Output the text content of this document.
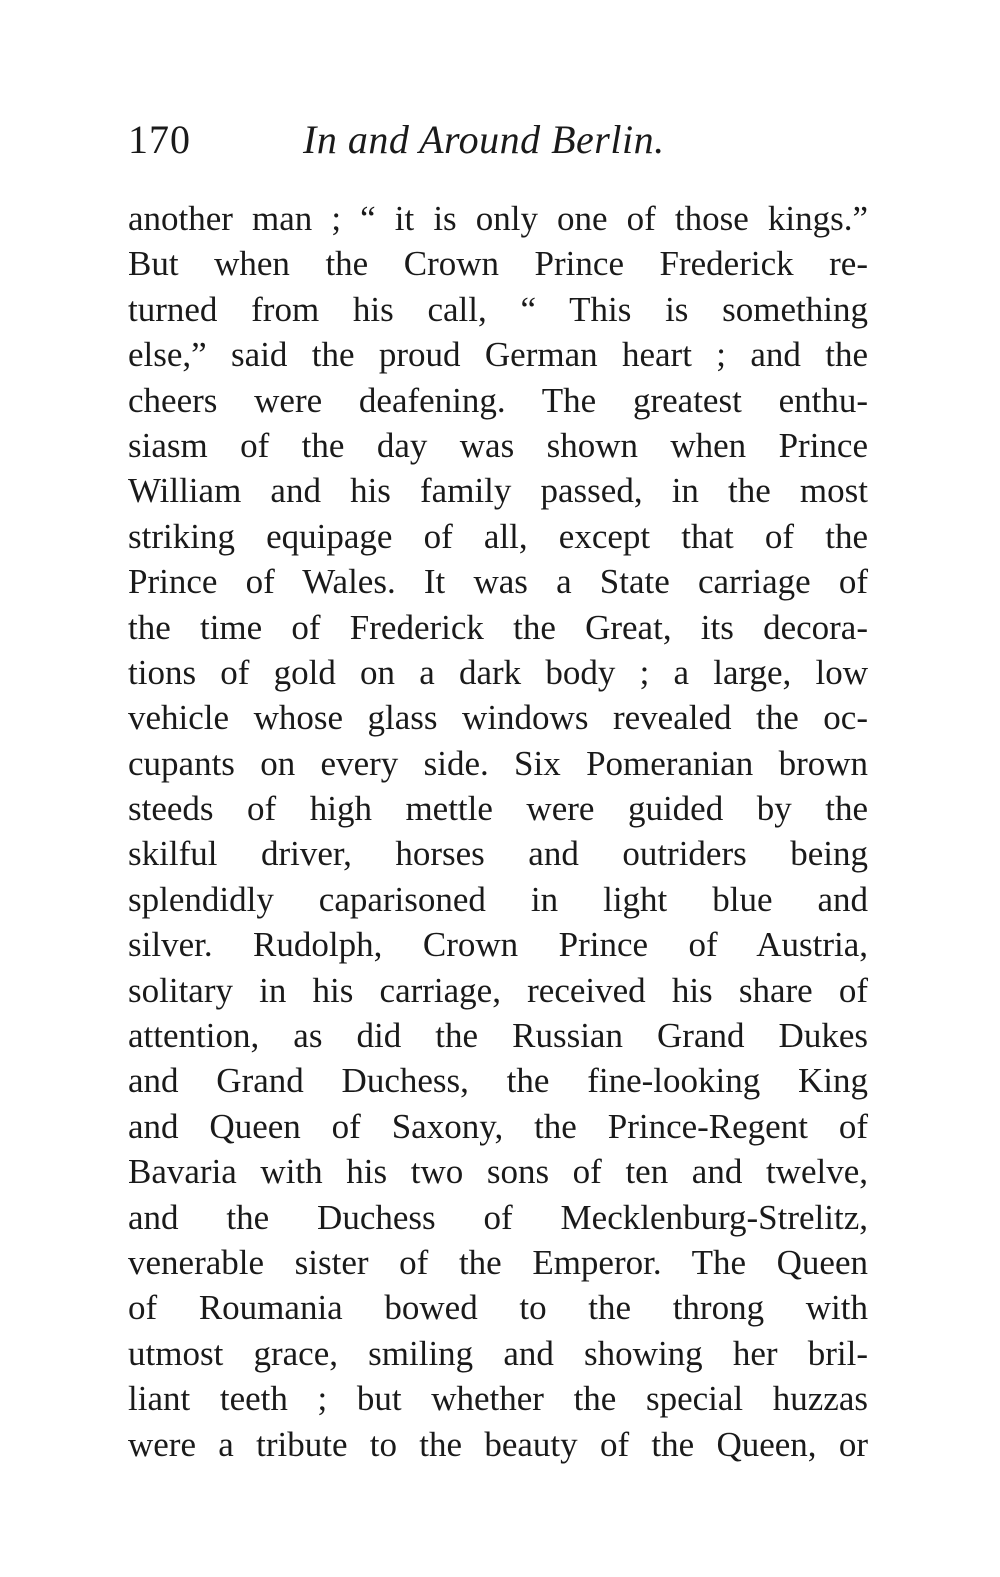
170	In and Around Berlin.
another man ; “ it is only one of those kings.”
But when the Crown Prince Frederick re-
turned from his call, “ This is something
else,” said the proud German heart ; and the
cheers were deafening. The greatest enthu-
siasm of the day was shown when Prince
William and his family passed, in the most
striking equipage of all, except that of the
Prince of Wales. It was a State carriage of
the time of Frederick the Great, its decora-
tions of gold on a dark body ; a large, low
vehicle whose glass windows revealed the oc-
cupants on every side. Six Pomeranian brown
steeds of high mettle were guided by the
skilful driver, horses and outriders being
splendidly caparisoned in light blue and
silver. Rudolph, Crown Prince of Austria,
solitary in his carriage, received his share of
attention, as did the Russian Grand Dukes
and Grand Duchess, the fine-looking King
and Queen of Saxony, the Prince-Regent of
Bavaria with his two sons of ten and twelve,
and the Duchess of Mecklenburg-Strelitz,
venerable sister of the Emperor. The Queen
of Roumania bowed to the throng with
utmost grace, smiling and showing her bril-
liant teeth ; but whether the special huzzas
were a tribute to the beauty of the Queen, or
